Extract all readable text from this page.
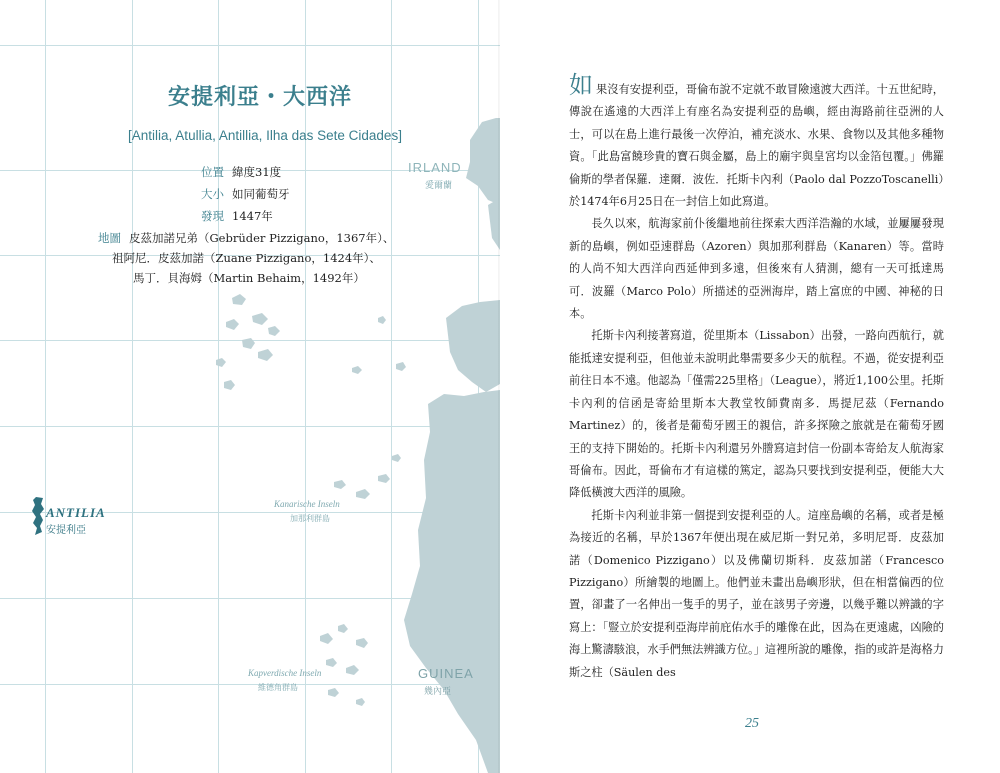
ANTILIA
安提利亞
IRLAND
愛爾蘭
Kanarische Inseln
加那利群島
Kapverdische Inseln
維德角群島
GUINEA
幾內亞
安提利亞・大西洋
[Antilia, Atullia, Antillia, Ilha das Sete Cidades]
位置 緯度31度
大小 如同葡萄牙
發現 1447年
地圖 皮茲加諾兄弟（Gebrüder Pizzigano，1367年）、
祖阿尼．皮茲加諾（Zuane Pizzigano，1424年）、
馬丁．貝海姆（Martin Behaim，1492年）

如果沒有安提利亞，哥倫布說不定就不敢冒險遠渡大西洋。十五世紀時，傳說在遙遠的大西洋上有座名為安提利亞的島嶼，經由海路前往亞洲的人士，可以在島上進行最後一次停泊，補充淡水、水果、食物以及其他多種物資。「此島富饒珍貴的寶石與金屬，島上的廟宇與皇宮均以金箔包覆。」佛羅倫斯的學者保羅．達爾．波佐．托斯卡內利（Paolo dal PozzoToscanelli）於1474年6月25日在一封信上如此寫道。

長久以來，航海家前仆後繼地前往探索大西洋浩瀚的水域，並屢屢發現新的島嶼，例如亞速群島（Azoren）與加那利群島（Kanaren）等。當時的人尚不知大西洋向西延伸到多遠，但後來有人猜測，總有一天可抵達馬可．波羅（Marco Polo）所描述的亞洲海岸，踏上富庶的中國、神秘的日本。

托斯卡內利接著寫道，從里斯本（Lissabon）出發，一路向西航行，就能抵達安提利亞，但他並未說明此舉需要多少天的航程。不過，從安提利亞前往日本不遠。他認為「僅需225里格」（League），將近1,100公里。托斯卡內利的信函是寄給里斯本大教堂牧師費南多．馬提尼茲（Fernando Martinez）的，後者是葡萄牙國王的親信，許多探險之旅就是在葡萄牙國王的支持下開始的。托斯卡內利還另外謄寫這封信一份副本寄給友人航海家哥倫布。因此，哥倫布才有這樣的篤定，認為只要找到安提利亞，便能大大降低橫渡大西洋的風險。

托斯卡內利並非第一個提到安提利亞的人。這座島嶼的名稱，或者是極為接近的名稱，早於1367年便出現在威尼斯一對兄弟，多明尼哥．皮茲加諾（Domenico Pizzigano）以及佛蘭切斯科．皮茲加諾（Francesco Pizzigano）所繪製的地圖上。他們並未畫出島嶼形狀，但在相當偏西的位置，卻畫了一名伸出一隻手的男子，並在該男子旁邊，以幾乎難以辨識的字寫上：「豎立於安提利亞海岸前庇佑水手的雕像在此，因為在更遠處，凶險的海上驚濤駭浪，水手們無法辨識方位。」這裡所說的雕像，指的或許是海格力斯之柱（Säulen des

25
